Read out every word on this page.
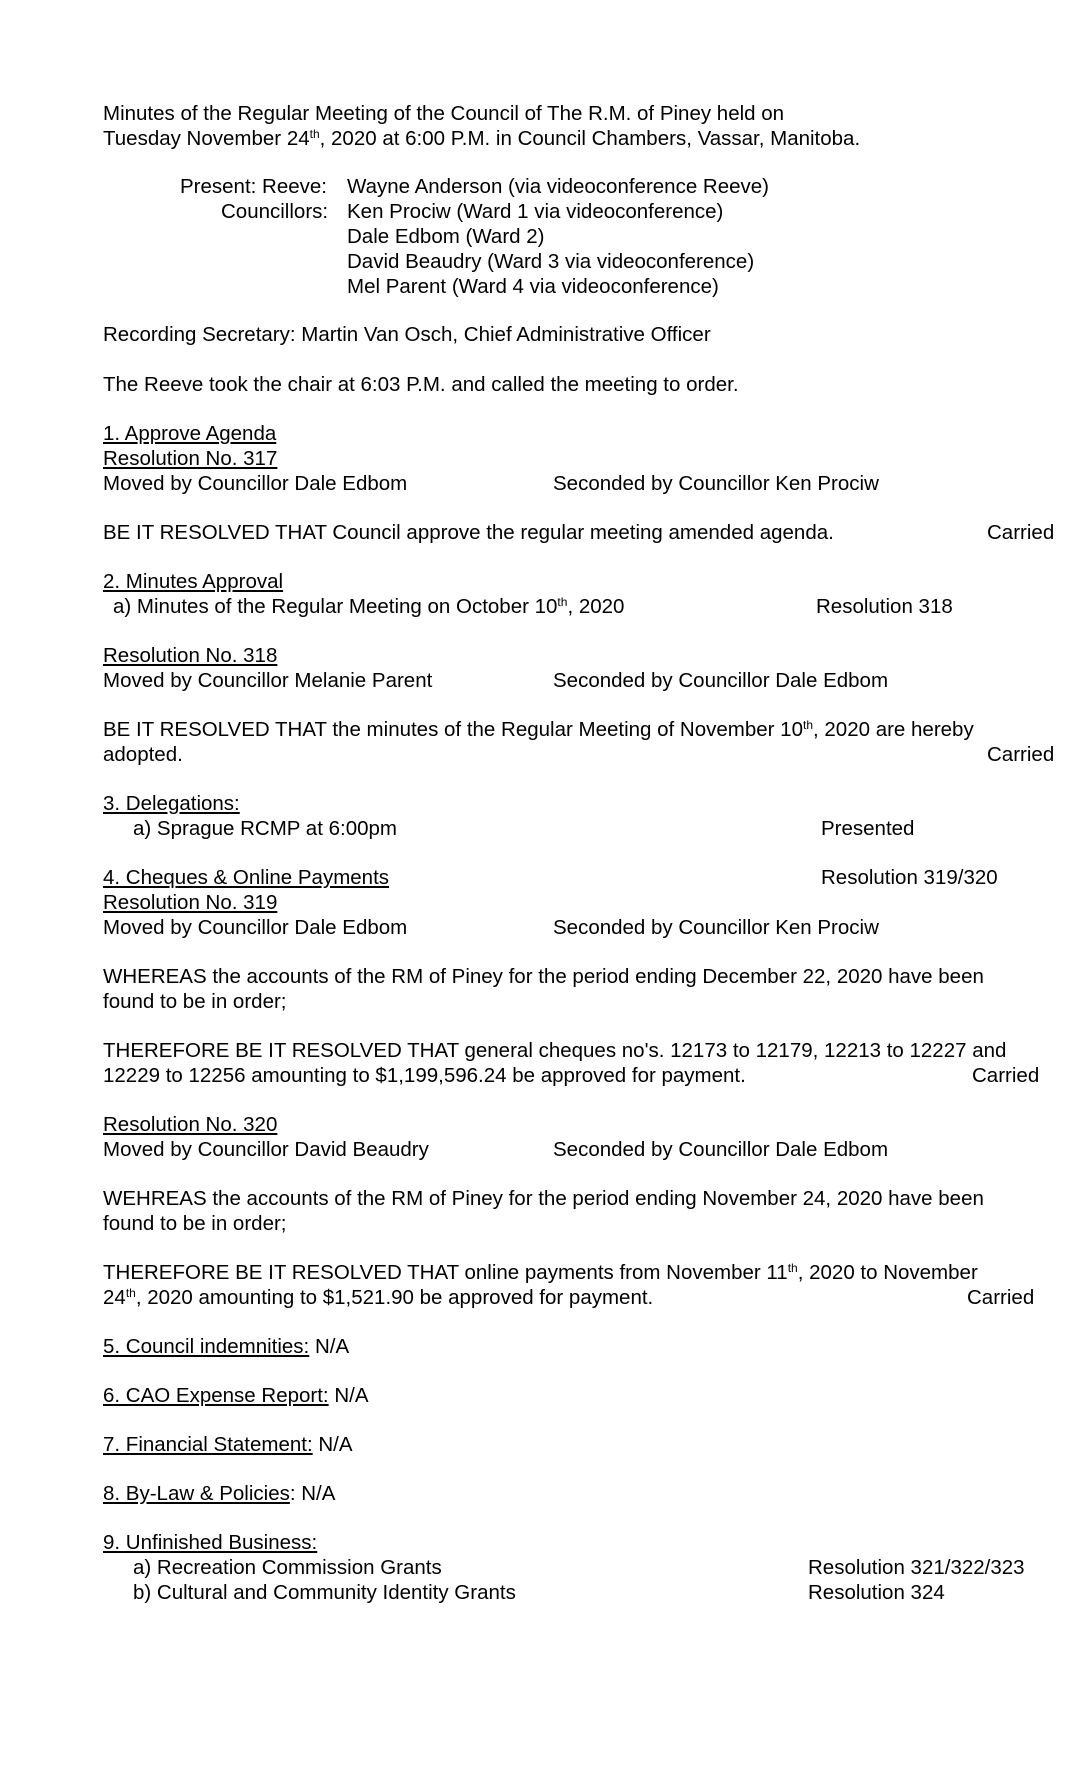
Minutes of the Regular Meeting of the Council of The R.M. of Piney held on
Tuesday November 24th, 2020 at 6:00 P.M. in Council Chambers, Vassar, Manitoba.
Present: Reeve: Wayne Anderson (via videoconference Reeve)
Councillors: Ken Prociw (Ward 1 via videoconference)
Dale Edbom (Ward 2)
David Beaudry (Ward 3 via videoconference)
Mel Parent (Ward 4 via videoconference)
Recording Secretary: Martin Van Osch, Chief Administrative Officer
The Reeve took the chair at 6:03 P.M. and called the meeting to order.
1. Approve Agenda
Resolution No. 317
Moved by Councillor Dale Edbom	Seconded by Councillor Ken Prociw
BE IT RESOLVED THAT Council approve the regular meeting amended agenda.	Carried
2. Minutes Approval
a) Minutes of the Regular Meeting on October 10th, 2020	Resolution 318
Resolution No. 318
Moved by Councillor Melanie Parent	Seconded by Councillor Dale Edbom
BE IT RESOLVED THAT the minutes of the Regular Meeting of November 10th, 2020 are hereby
adopted.	Carried
3. Delegations:
a) Sprague RCMP at 6:00pm	Presented
4. Cheques & Online Payments	Resolution 319/320
Resolution No. 319
Moved by Councillor Dale Edbom	Seconded by Councillor Ken Prociw
WHEREAS the accounts of the RM of Piney for the period ending December 22, 2020 have been
found to be in order;
THEREFORE BE IT RESOLVED THAT general cheques no's. 12173 to 12179, 12213 to 12227 and
12229 to 12256 amounting to $1,199,596.24 be approved for payment.	Carried
Resolution No. 320
Moved by Councillor David Beaudry	Seconded by Councillor Dale Edbom
WEHREAS the accounts of the RM of Piney for the period ending November 24, 2020 have been
found to be in order;
THEREFORE BE IT RESOLVED THAT online payments from November 11th, 2020 to November
24th, 2020 amounting to $1,521.90 be approved for payment.	Carried
5. Council indemnities: N/A
6. CAO Expense Report: N/A
7. Financial Statement: N/A
8. By-Law & Policies: N/A
9. Unfinished Business:
a) Recreation Commission Grants	Resolution 321/322/323
b) Cultural and Community Identity Grants	Resolution 324
